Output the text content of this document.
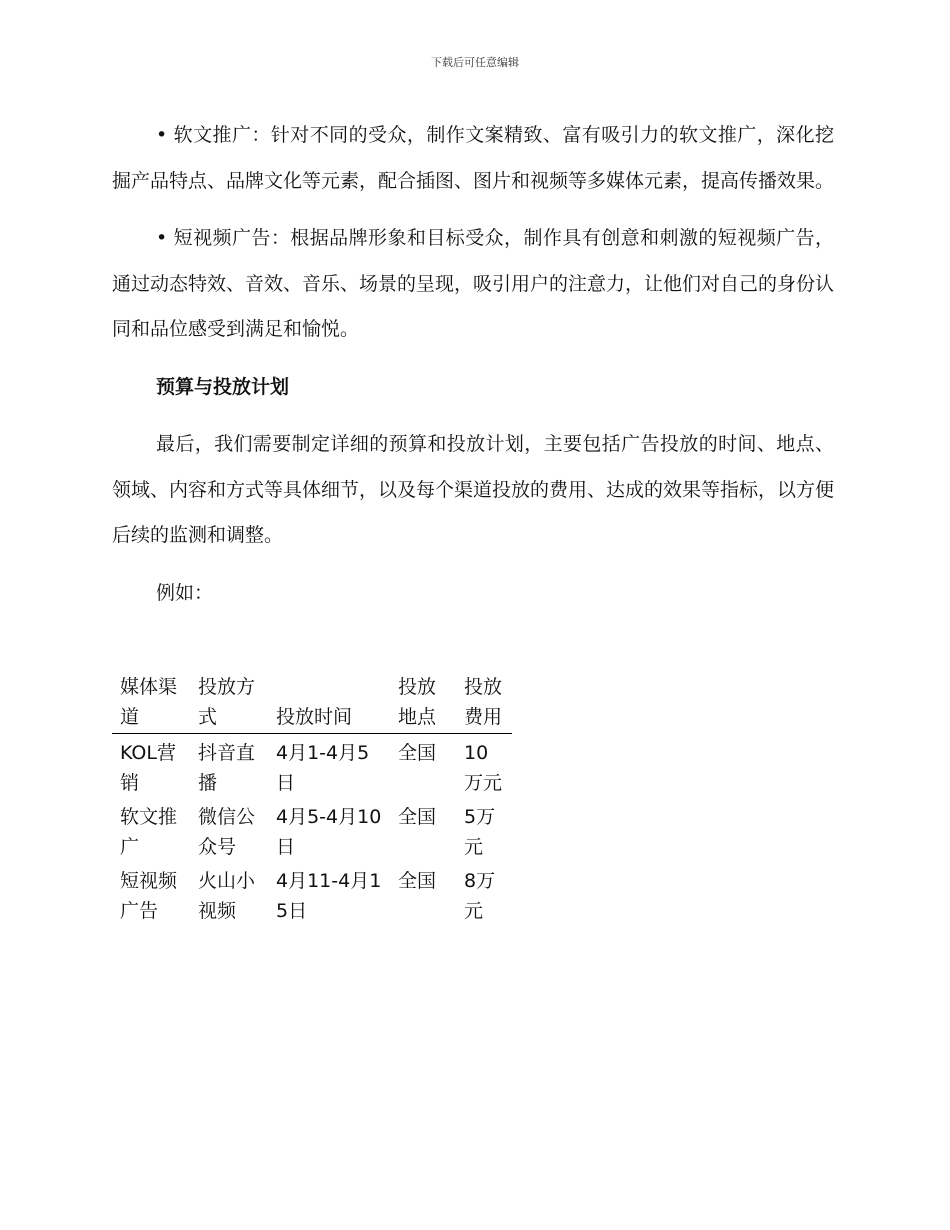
下载后可任意编辑

• 软文推广：针对不同的受众，制作文案精致、富有吸引力的软文推广，深化挖掘产品特点、品牌文化等元素，配合插图、图片和视频等多媒体元素，提高传播效果。

• 短视频广告：根据品牌形象和目标受众，制作具有创意和刺激的短视频广告，通过动态特效、音效、音乐、场景的呈现，吸引用户的注意力，让他们对自己的身份认同和品位感受到满足和愉悦。

预算与投放计划

最后，我们需要制定详细的预算和投放计划，主要包括广告投放的时间、地点、领域、内容和方式等具体细节，以及每个渠道投放的费用、达成的效果等指标，以方便后续的监测和调整。

例如：

媒体渠道	投放方式	投放时间	投放地点	投放费用
KOL营销	抖音直播	4月1-4月5日	全国	10万元
软文推广	微信公众号	4月5-4月10日	全国	5万元
短视频广告	火山小视频	4月11-4月15日	全国	8万元
